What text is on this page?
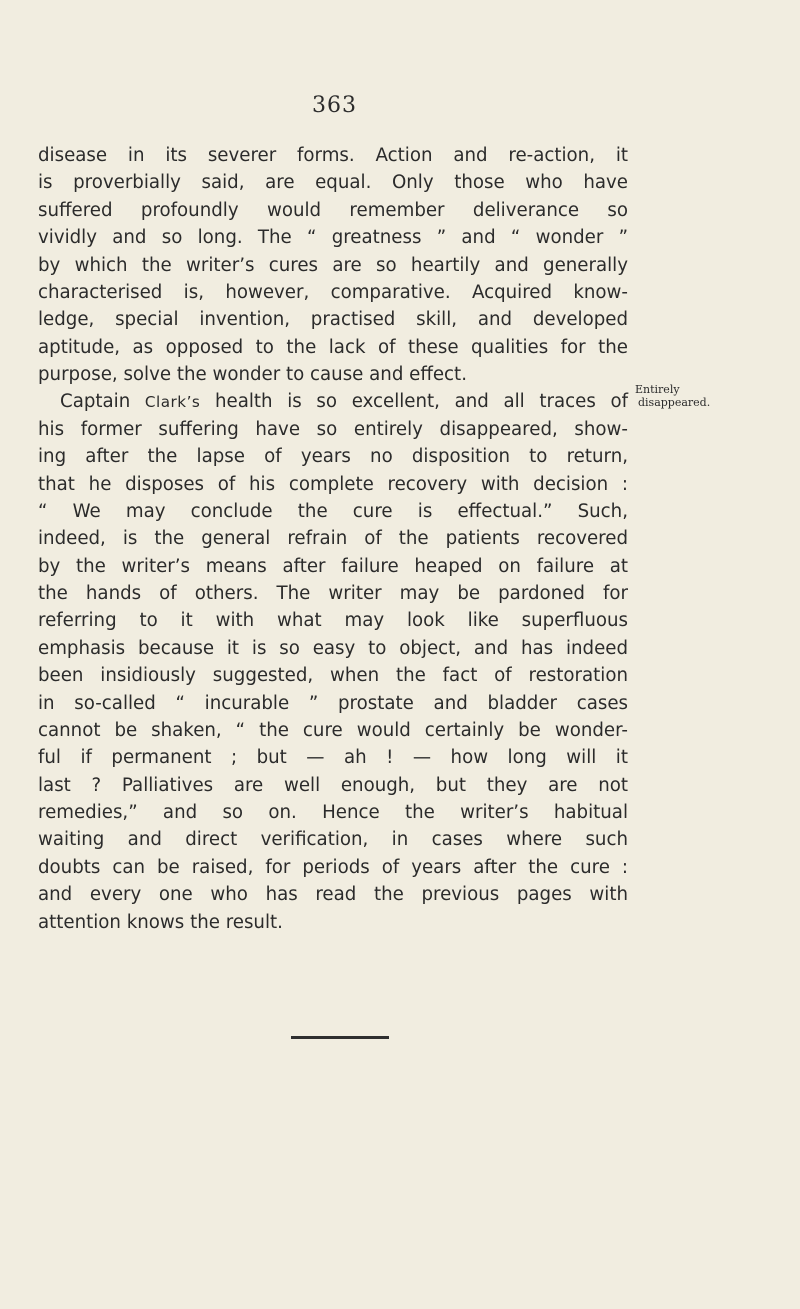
363
disease in its severer forms. Action and re-action, it
is proverbially said, are equal. Only those who have
suffered profoundly would remember deliverance so
vividly and so long. The “ greatness ” and “ wonder ”
by which the writer’s cures are so heartily and generally
characterised is, however, comparative. Acquired know-
ledge, special invention, practised skill, and developed
aptitude, as opposed to the lack of these qualities for the
purpose, solve the wonder to cause and effect.
Captain Clark’s health is so excellent, and all traces of
his former suffering have so entirely disappeared, show-
ing after the lapse of years no disposition to return,
that he disposes of his complete recovery with decision :
“ We may conclude the cure is effectual.” Such,
indeed, is the general refrain of the patients recovered
by the writer’s means after failure heaped on failure at
the hands of others. The writer may be pardoned for
referring to it with what may look like superfluous
emphasis because it is so easy to object, and has indeed
been insidiously suggested, when the fact of restoration
in so-called “ incurable ” prostate and bladder cases
cannot be shaken, “ the cure would certainly be wonder-
ful if permanent ; but — ah ! — how long will it
last ? Palliatives are well enough, but they are not
remedies,” and so on. Hence the writer’s habitual
waiting and direct verification, in cases where such
doubts can be raised, for periods of years after the cure :
and every one who has read the previous pages with
attention knows the result.
Entirely
disappeared.
